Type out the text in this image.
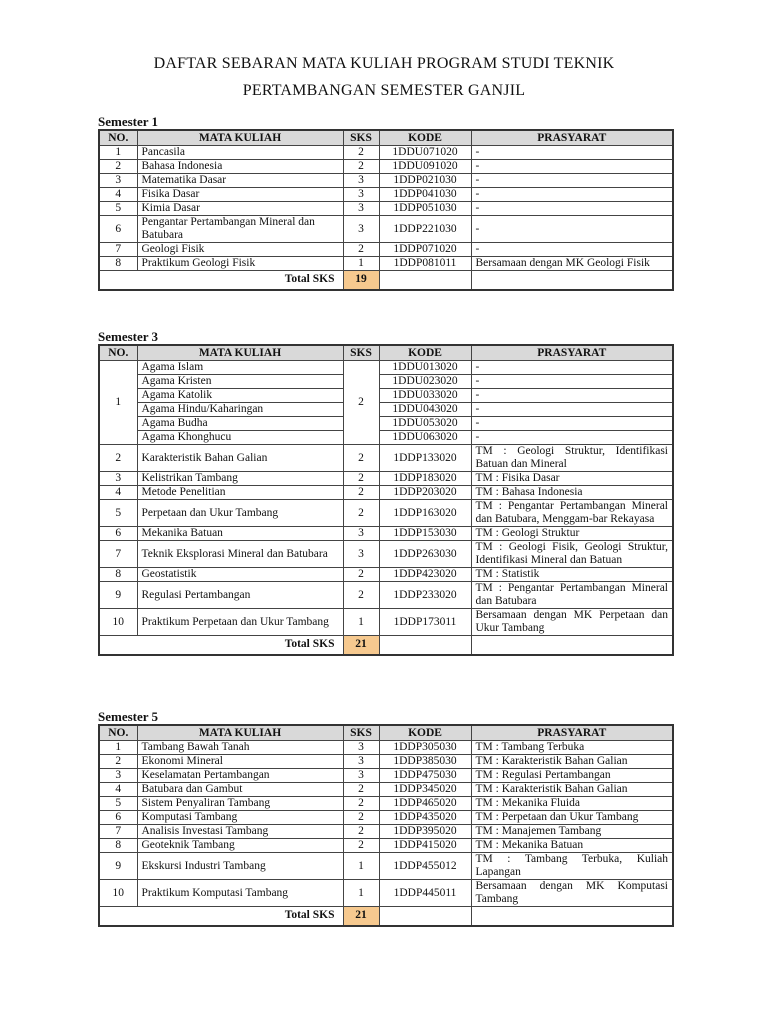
DAFTAR SEBARAN MATA KULIAH PROGRAM STUDI TEKNIK
PERTAMBANGAN SEMESTER GANJIL
Semester 1
NO.	MATA KULIAH	SKS	KODE	PRASYARAT
1	Pancasila	2	1DDU071020	-
2	Bahasa Indonesia	2	1DDU091020	-
3	Matematika Dasar	3	1DDP021030	-
4	Fisika Dasar	3	1DDP041030	-
5	Kimia Dasar	3	1DDP051030	-
6	Pengantar Pertambangan Mineral dan Batubara	3	1DDP221030	-
7	Geologi Fisik	2	1DDP071020	-
8	Praktikum Geologi Fisik	1	1DDP081011	Bersamaan dengan MK Geologi Fisik
Total SKS		19		
Semester 3
NO.	MATA KULIAH	SKS	KODE	PRASYARAT
1	Agama Islam	2	1DDU013020	-
	Agama Kristen		1DDU023020	-
	Agama Katolik		1DDU033020	-
	Agama Hindu/Kaharingan		1DDU043020	-
	Agama Budha		1DDU053020	-
	Agama Khonghucu		1DDU063020	-
2	Karakteristik Bahan Galian	2	1DDP133020	TM : Geologi Struktur, Identifikasi Batuan dan Mineral
3	Kelistrikan Tambang	2	1DDP183020	TM : Fisika Dasar
4	Metode Penelitian	2	1DDP203020	TM : Bahasa Indonesia
5	Perpetaan dan Ukur Tambang	2	1DDP163020	TM : Pengantar Pertambangan Mineral dan Batubara, Menggam-bar Rekayasa
6	Mekanika Batuan	3	1DDP153030	TM : Geologi Struktur
7	Teknik Eksplorasi Mineral dan Batubara	3	1DDP263030	TM : Geologi Fisik, Geologi Struktur, Identifikasi Mineral dan Batuan
8	Geostatistik	2	1DDP423020	TM : Statistik
9	Regulasi Pertambangan	2	1DDP233020	TM : Pengantar Pertambangan Mineral dan Batubara
10	Praktikum Perpetaan dan Ukur Tambang	1	1DDP173011	Bersamaan dengan MK Perpetaan dan Ukur Tambang
Total SKS		21		
Semester 5
NO.	MATA KULIAH	SKS	KODE	PRASYARAT
1	Tambang Bawah Tanah	3	1DDP305030	TM : Tambang Terbuka
2	Ekonomi Mineral	3	1DDP385030	TM : Karakteristik Bahan Galian
3	Keselamatan Pertambangan	3	1DDP475030	TM : Regulasi Pertambangan
4	Batubara dan Gambut	2	1DDP345020	TM : Karakteristik Bahan Galian
5	Sistem Penyaliran Tambang	2	1DDP465020	TM : Mekanika Fluida
6	Komputasi Tambang	2	1DDP435020	TM : Perpetaan dan Ukur Tambang
7	Analisis Investasi Tambang	2	1DDP395020	TM : Manajemen Tambang
8	Geoteknik Tambang	2	1DDP415020	TM : Mekanika Batuan
9	Ekskursi Industri Tambang	1	1DDP455012	TM : Tambang Terbuka, Kuliah Lapangan
10	Praktikum Komputasi Tambang	1	1DDP445011	Bersamaan dengan MK Komputasi Tambang
Total SKS		21		
